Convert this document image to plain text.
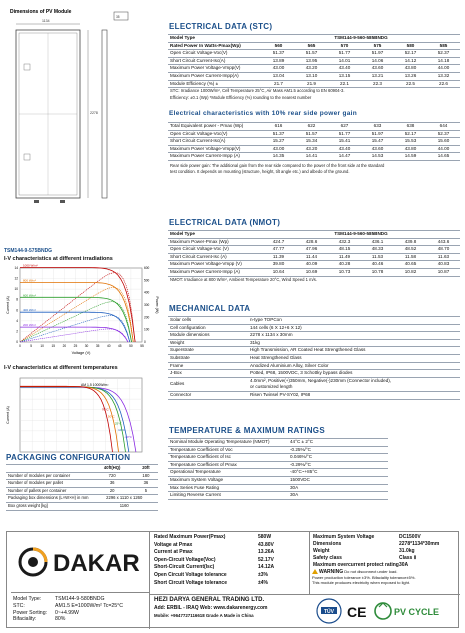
Dimensions of PV Module
1134
2278
35
ELECTRICAL DATA (STC)
Model Type	TSM144-9-560-585BNDG					
Rated Power In Watts-Pmax(Wp)	560	565	570	575	580	585
Open Circuit Voltage-Voc(V)	51.37	51.57	51.77	51.97	52.17	52.37
Short Circuit Current-Isc(A)	13.89	13.95	14.01	14.06	14.12	14.18
Maximum Power Voltage-Vmpp(V)	43.00	43.20	43.40	43.60	43.80	44.00
Maximum Power Current-Impp(A)	13.04	13.10	13.15	13.21	13.26	13.32
Module Efficiency (%) ±	21.7	21.9	22.1	22.3	22.5	22.6
STC: Irradiance 1000W/m², Cell Temperature 25°C, Air Mass AM1.5 according to EN 60904-3.
Efficiency: ±0.1 (Wp) *Module Efficiency (%) rounding to the nearest number
Electrical characteristics with 10% rear side power gain
Total Equivalent power - Pmax (Wp)	616	622	627	633	638	644
Open Circuit Voltage-Voc(V)	51.37	51.57	51.77	51.97	52.17	52.37
Short Circuit Current-Isc(A)	15.27	15.34	15.41	15.47	15.53	15.60
Maximum Power Voltage-Vmpp(V)	43.00	43.20	43.40	43.60	43.80	44.00
Maximum Power Current-Impp (A)	14.35	14.41	14.47	14.53	14.59	14.65
Rear side power gain: The additional gain from the rear side compared to the power of the front side at the standard
test condition. It depends on mounting (structure, height, tilt angle etc.) and albedo of the ground.
ELECTRICAL DATA (NMOT)
Model Type	TSM144-9-560-585BNDG					
Maximum Power-Pmax (Wp)	424.7	428.6	432.3	436.1	439.8	443.6
Open Circuit Voltage-Voc (V)	47.77	47.96	48.15	48.33	48.52	48.70
Short Circuit Current-Isc (A)	11.39	11.44	11.49	11.53	11.58	11.63
Maximum Power Voltage-Vmpp (V)	39.80	40.09	40.28	40.46	40.65	40.83
Maximum Power Current-Impp (A)	10.64	10.69	10.73	10.78	10.82	10.87
NMOT: Irradiance at 800 W/m², Ambient Temperature 20°C, Wind Speed 1 m/s.
TSM144-9-575BNDG
I-V characteristics at different irradiations
0	5	10 15 20 25 30 35 40 45 50 55
0
2
4
6
8
10
12
14
0
100
200
300
400
500
600
Current (A)	Power (W)
Voltage (V)
1000 W/m²
800 W/m²
600 W/m²
400 W/m²
200 W/m²
I-V characteristics at different temperatures
Current (A)
AM 1.5 1000W/m²
-10°C
10°C
25°C
50°C
70°C
MECHANICAL DATA
Solar cells	n-type TOPCon
Cell configuration	144 cells (6 X 12+6 X 12)
Module dimensions	2278 x 1134 x 30mm
Weight	31kg
Superstrate	High Transmission, AR Coated Heat Strengthened Glass
Substrate	Heat Strengthened Glass
Frame	Anodized Aluminium Alloy, Silver Color
J-Box	Potted, IP68, 1500VDC, 3 Schottky bypass diodes
Cables	4.0mm², Positive(+)350mm, Negative(-)230mm (Connector included),
or customized length
Connector	Risen Twinsel PV-SY02, IP68
TEMPERATURE & MAXIMUM RATINGS
Nominal Module Operating Temperature (NMOT)	44°C ± 2°C
Temperature Coefficient of Voc	-0.25%/°C
Temperature Coefficient of Isc	0.046%/°C
Temperature Coefficient of Pmax	-0.29%/°C
Operational Temperature	-40°C~+85°C
Maximum System Voltage	1500VDC
Max Series Fuse Rating	30A
Limiting Reverse Current	30A
PACKAGING CONFIGURATION
	40ft(HQ)	20ft
Number of modules per container	720	180
Number of modules per pallet	36	36
Number of pallets per container	20	5
Packaging box dimensions (L×W×H) in mm	2296 x 1110 x 1260	
Box gross weight [kg]	1160	
DAKAR
Model Type:	TSM144-9-580BNDG
STC:	AM1.5 E=1000W/m² Tc=25°C
Power Sorting: 0~+4.99W
Bifaciality:	80%
Rated Maximum Power(Pmax)	580W
Voltage at Pmax	43.80V
Current at Pmax	13.26A
Open-Circuit Voltage(Voc)	52.17V
Short-Circuit Current(Isc)	14.12A
Open Circuit Voltage tolerance	±3%
Short Circuit Voltage tolerance	±4%
Maximum System Voltage	DC1500V
Dimensions	2278*1134*30mm
Weight	31.0kg
Safety class	Class Ⅱ
Maximum overcurrent protect rating30A
WARNING Do not disconnect under load.
Power production tolerance ±3%. Bifaciality tolerance±5%.
This module produces electricity when exposed to light.
HEZI DARYA GENERAL TRADING LTD.
Add: ERBIL - IRAQ Web: www.dakarenergy.com
Mobile: +9647727116618 Grade A Made in China
TÜV CE	PV CYCLE
